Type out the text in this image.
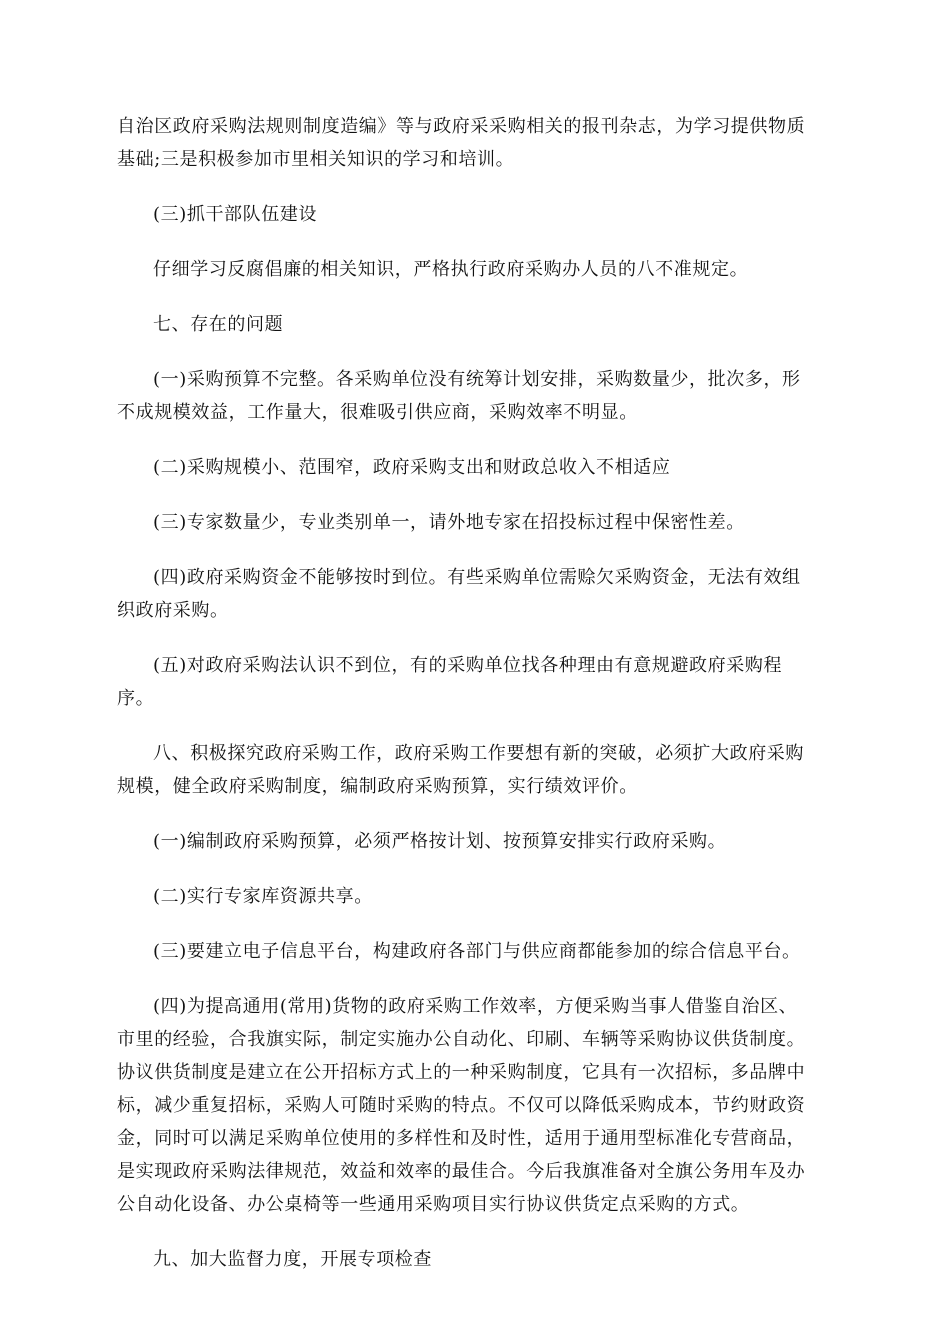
自治区政府采购法规则制度造编》等与政府采采购相关的报刊杂志，为学习提供物质
基础;三是积极参加市里相关知识的学习和培训。

(三)抓干部队伍建设

仔细学习反腐倡廉的相关知识，严格执行政府采购办人员的八不准规定。

七、存在的问题

(一)采购预算不完整。各采购单位没有统筹计划安排，采购数量少，批次多，形
不成规模效益，工作量大，很难吸引供应商，采购效率不明显。

(二)采购规模小、范围窄，政府采购支出和财政总收入不相适应

(三)专家数量少，专业类别单一，请外地专家在招投标过程中保密性差。

(四)政府采购资金不能够按时到位。有些采购单位需赊欠采购资金，无法有效组
织政府采购。

(五)对政府采购法认识不到位，有的采购单位找各种理由有意规避政府采购程
序。

八、积极探究政府采购工作，政府采购工作要想有新的突破，必须扩大政府采购
规模，健全政府采购制度，编制政府采购预算，实行绩效评价。

(一)编制政府采购预算，必须严格按计划、按预算安排实行政府采购。

(二)实行专家库资源共享。

(三)要建立电子信息平台，构建政府各部门与供应商都能参加的综合信息平台。

(四)为提高通用(常用)货物的政府采购工作效率，方便采购当事人借鉴自治区、
市里的经验，合我旗实际，制定实施办公自动化、印刷、车辆等采购协议供货制度。
协议供货制度是建立在公开招标方式上的一种采购制度，它具有一次招标，多品牌中
标，减少重复招标，采购人可随时采购的特点。不仅可以降低采购成本，节约财政资
金，同时可以满足采购单位使用的多样性和及时性，适用于通用型标准化专营商品，
是实现政府采购法律规范，效益和效率的最佳合。今后我旗准备对全旗公务用车及办
公自动化设备、办公桌椅等一些通用采购项目实行协议供货定点采购的方式。

九、加大监督力度，开展专项检查
